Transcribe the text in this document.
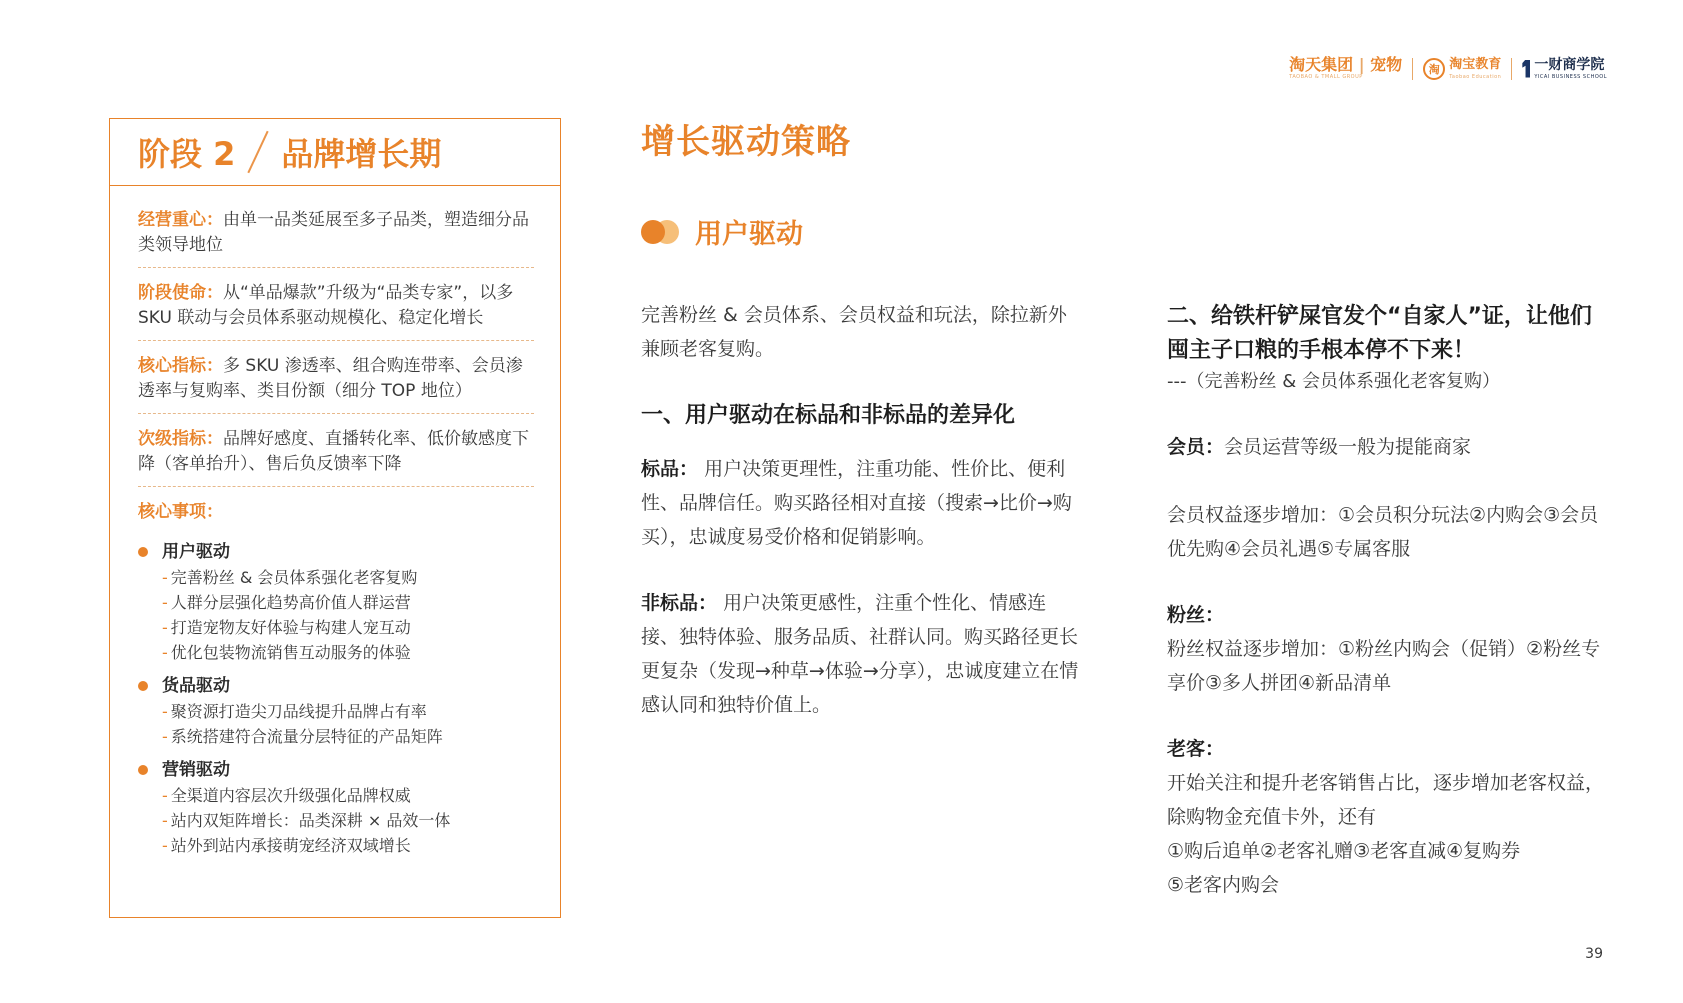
淘天集团 | 宠物
TAOBAO & TMALL GROUP
淘 淘宝教育
Taobao Education
一财商学院
YICAI BUSINESS SCHOOL
阶段 2 品牌增长期
经营重心：由单一品类延展至多子品类，塑造细分品类领导地位
阶段使命：从“单品爆款”升级为“品类专家”，以多 SKU 联动与会员体系驱动规模化、稳定化增长
核心指标：多 SKU 渗透率、组合购连带率、会员渗透率与复购率、类目份额（细分 TOP 地位）
次级指标：品牌好感度、直播转化率、低价敏感度下降（客单抬升）、售后负反馈率下降
核心事项：
用户驱动
- 完善粉丝 & 会员体系强化老客复购
- 人群分层强化趋势高价值人群运营
- 打造宠物友好体验与构建人宠互动
- 优化包装物流销售互动服务的体验
货品驱动
- 聚资源打造尖刀品线提升品牌占有率
- 系统搭建符合流量分层特征的产品矩阵
营销驱动
- 全渠道内容层次升级强化品牌权威
- 站内双矩阵增长：品类深耕 × 品效一体
- 站外到站内承接萌宠经济双域增长
增长驱动策略
用户驱动
完善粉丝 & 会员体系、会员权益和玩法，除拉新外兼顾老客复购。
一、用户驱动在标品和非标品的差异化
标品： 用户决策更理性，注重功能、性价比、便利性、品牌信任。购买路径相对直接（搜索→比价→购买），忠诚度易受价格和促销影响。
非标品： 用户决策更感性，注重个性化、情感连接、独特体验、服务品质、社群认同。购买路径更长更复杂（发现→种草→体验→分享），忠诚度建立在情感认同和独特价值上。
二、给铁杆铲屎官发个“自家人”证，让他们囤主子口粮的手根本停不下来！
---（完善粉丝 & 会员体系强化老客复购）
会员：会员运营等级一般为提能商家
会员权益逐步增加：①会员积分玩法②内购会③会员优先购④会员礼遇⑤专属客服
粉丝：
粉丝权益逐步增加：①粉丝内购会（促销）②粉丝专享价③多人拼团④新品清单
老客：
开始关注和提升老客销售占比，逐步增加老客权益，除购物金充值卡外，还有
①购后追单②老客礼赠③老客直减④复购券
⑤老客内购会
39
